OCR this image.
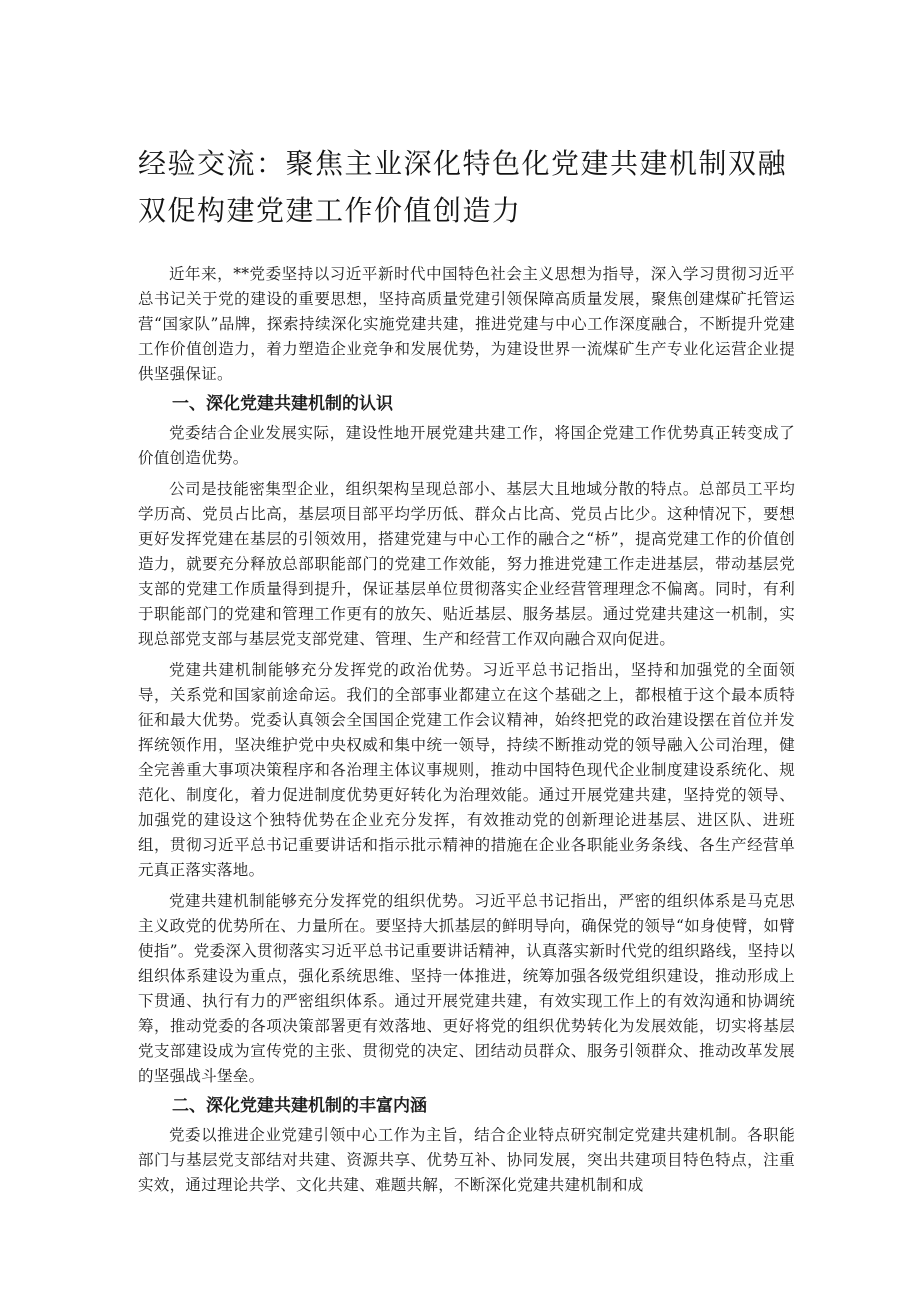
经验交流：聚焦主业深化特色化党建共建机制双融双促构建党建工作价值创造力

近年来，**党委坚持以习近平新时代中国特色社会主义思想为指导，深入学习贯彻习近平总书记关于党的建设的重要思想，坚持高质量党建引领保障高质量发展，聚焦创建煤矿托管运营“国家队”品牌，探索持续深化实施党建共建，推进党建与中心工作深度融合，不断提升党建工作价值创造力，着力塑造企业竞争和发展优势，为建设世界一流煤矿生产专业化运营企业提供坚强保证。

一、深化党建共建机制的认识

党委结合企业发展实际，建设性地开展党建共建工作，将国企党建工作优势真正转变成了价值创造优势。

公司是技能密集型企业，组织架构呈现总部小、基层大且地域分散的特点。总部员工平均学历高、党员占比高，基层项目部平均学历低、群众占比高、党员占比少。这种情况下，要想更好发挥党建在基层的引领效用，搭建党建与中心工作的融合之“桥”，提高党建工作的价值创造力，就要充分释放总部职能部门的党建工作效能，努力推进党建工作走进基层，带动基层党支部的党建工作质量得到提升，保证基层单位贯彻落实企业经营管理理念不偏离。同时，有利于职能部门的党建和管理工作更有的放矢、贴近基层、服务基层。通过党建共建这一机制，实现总部党支部与基层党支部党建、管理、生产和经营工作双向融合双向促进。

党建共建机制能够充分发挥党的政治优势。习近平总书记指出，坚持和加强党的全面领导，关系党和国家前途命运。我们的全部事业都建立在这个基础之上，都根植于这个最本质特征和最大优势。党委认真领会全国国企党建工作会议精神，始终把党的政治建设摆在首位并发挥统领作用，坚决维护党中央权威和集中统一领导，持续不断推动党的领导融入公司治理，健全完善重大事项决策程序和各治理主体议事规则，推动中国特色现代企业制度建设系统化、规范化、制度化，着力促进制度优势更好转化为治理效能。通过开展党建共建，坚持党的领导、加强党的建设这个独特优势在企业充分发挥，有效推动党的创新理论进基层、进区队、进班组，贯彻习近平总书记重要讲话和指示批示精神的措施在企业各职能业务条线、各生产经营单元真正落实落地。

党建共建机制能够充分发挥党的组织优势。习近平总书记指出，严密的组织体系是马克思主义政党的优势所在、力量所在。要坚持大抓基层的鲜明导向，确保党的领导“如身使臂，如臂使指”。党委深入贯彻落实习近平总书记重要讲话精神，认真落实新时代党的组织路线，坚持以组织体系建设为重点，强化系统思维、坚持一体推进，统筹加强各级党组织建设，推动形成上下贯通、执行有力的严密组织体系。通过开展党建共建，有效实现工作上的有效沟通和协调统筹，推动党委的各项决策部署更有效落地、更好将党的组织优势转化为发展效能，切实将基层党支部建设成为宣传党的主张、贯彻党的决定、团结动员群众、服务引领群众、推动改革发展的坚强战斗堡垒。

二、深化党建共建机制的丰富内涵

党委以推进企业党建引领中心工作为主旨，结合企业特点研究制定党建共建机制。各职能部门与基层党支部结对共建、资源共享、优势互补、协同发展，突出共建项目特色特点，注重实效，通过理论共学、文化共建、难题共解，不断深化党建共建机制和成
